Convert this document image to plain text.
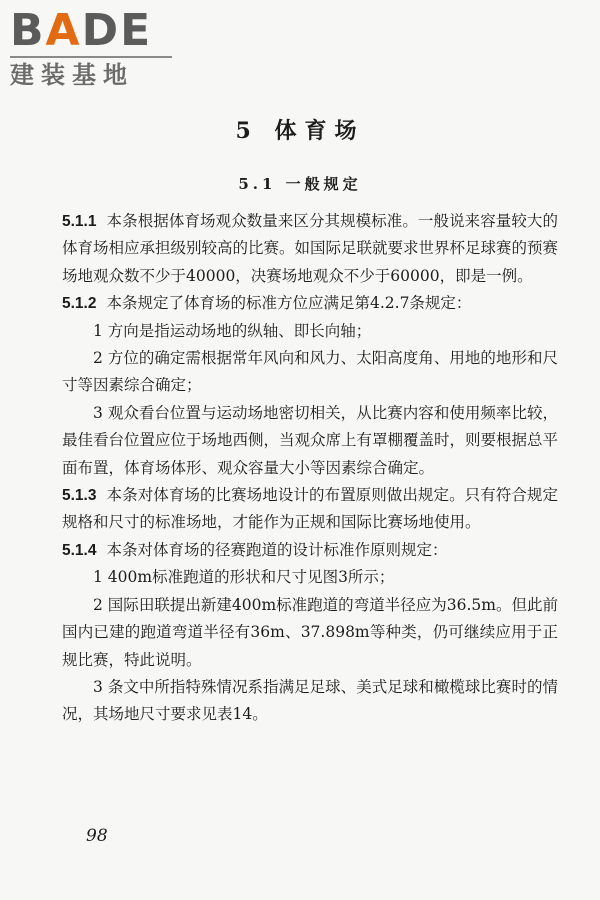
BADE
建装基地
5 体育场
5.1 一般规定

5.1.1 本条根据体育场观众数量来区分其规模标准。一般说来容量较大的体育场相应承担级别较高的比赛。如国际足联就要求世界杯足球赛的预赛场地观众数不少于40000，决赛场地观众不少于60000，即是一例。

5.1.2 本条规定了体育场的标准方位应满足第4.2.7条规定：

1 方向是指运动场地的纵轴、即长向轴；

2 方位的确定需根据常年风向和风力、太阳高度角、用地的地形和尺寸等因素综合确定；

3 观众看台位置与运动场地密切相关，从比赛内容和使用频率比较，最佳看台位置应位于场地西侧，当观众席上有罩棚覆盖时，则要根据总平面布置，体育场体形、观众容量大小等因素综合确定。

5.1.3 本条对体育场的比赛场地设计的布置原则做出规定。只有符合规定规格和尺寸的标准场地，才能作为正规和国际比赛场地使用。

5.1.4 本条对体育场的径赛跑道的设计标准作原则规定：

1 400m标准跑道的形状和尺寸见图3所示；

2 国际田联提出新建400m标准跑道的弯道半径应为36.5m。但此前国内已建的跑道弯道半径有36m、37.898m等种类，仍可继续应用于正规比赛，特此说明。

3 条文中所指特殊情况系指满足足球、美式足球和橄榄球比赛时的情况，其场地尺寸要求见表14。

98
